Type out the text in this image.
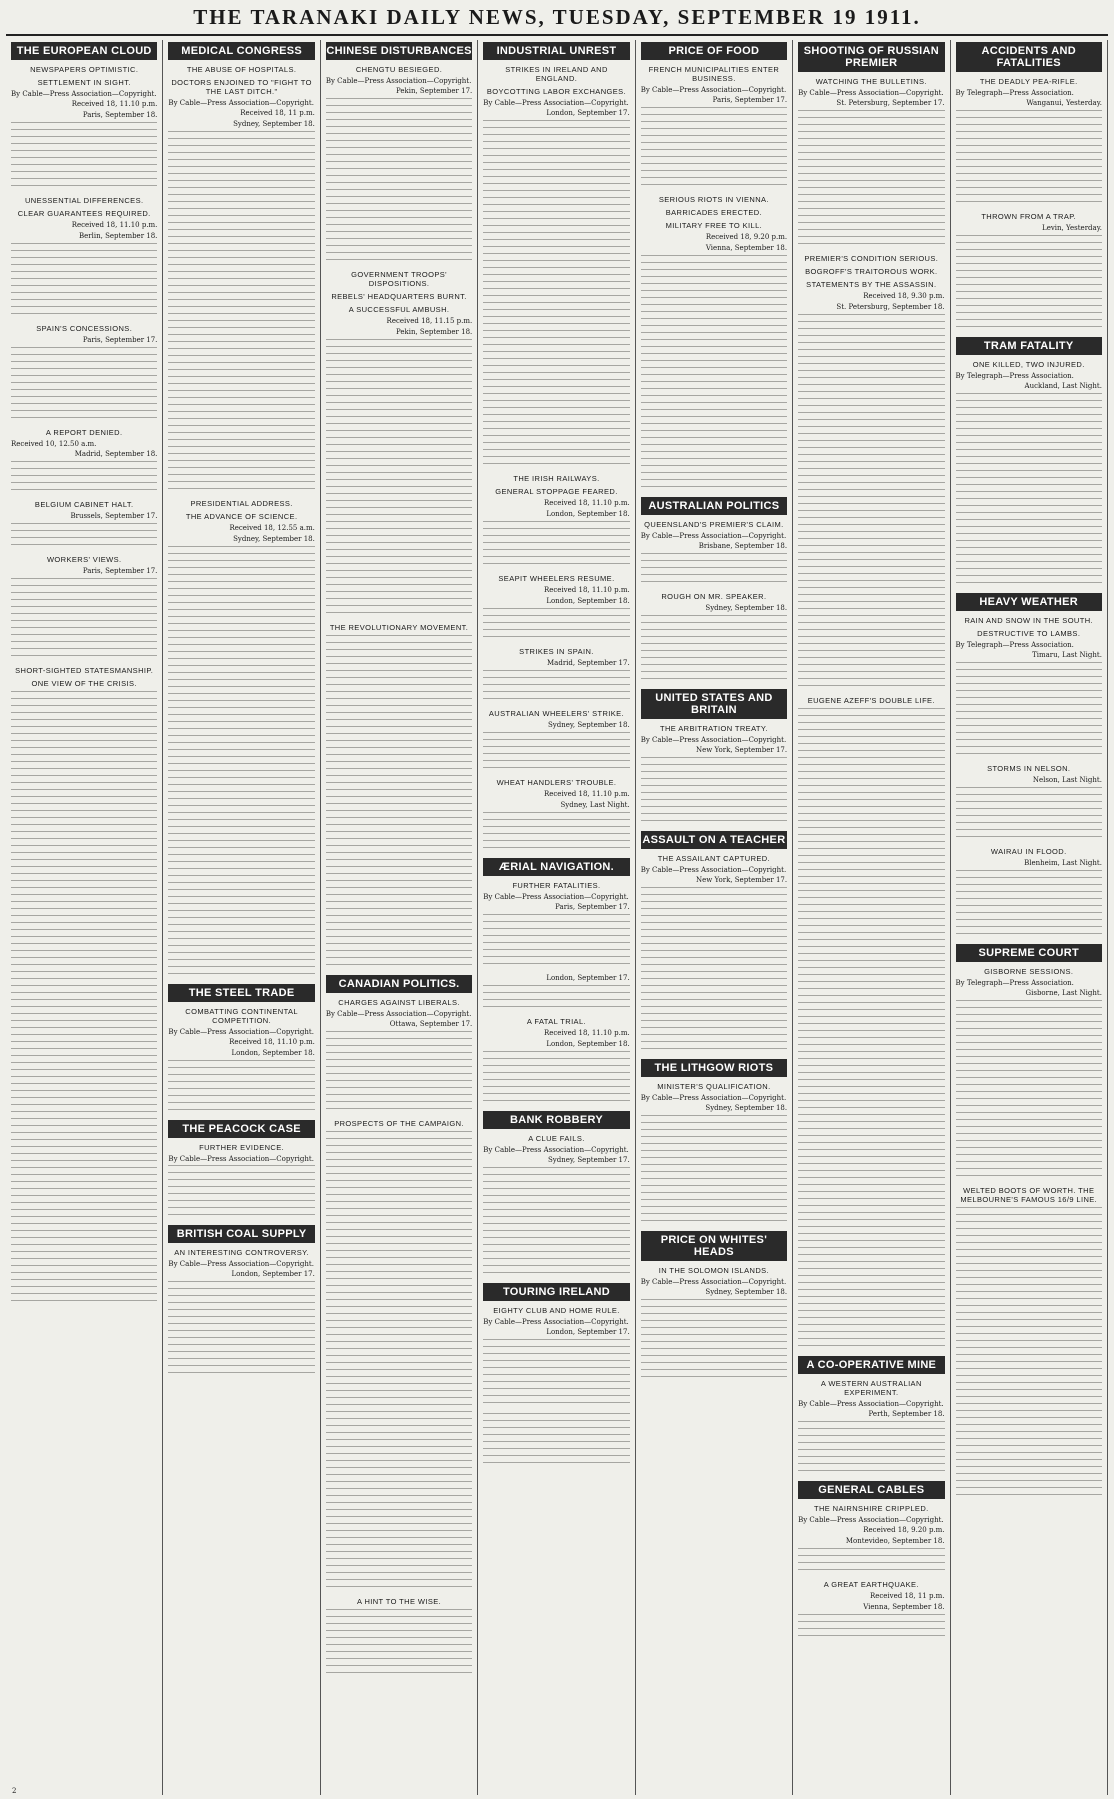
THE TARANAKI DAILY NEWS, TUESDAY, SEPTEMBER 19 1911.
THE EUROPEAN CLOUD
NEWSPAPERS OPTIMISTIC.
SETTLEMENT IN SIGHT.
By Cable—Press Association—Copyright.
Received 18, 11.10 p.m.
Paris, September 18.
UNESSENTIAL DIFFERENCES.
CLEAR GUARANTEES REQUIRED.
Received 18, 11.10 p.m.
Berlin, September 18.
SPAIN'S CONCESSIONS.
Paris, September 17.
A REPORT DENIED.
Received 10, 12.50 a.m.
Madrid, September 18.
BELGIUM CABINET HALT.
Brussels, September 17.
WORKERS' VIEWS.
Paris, September 17.
SHORT-SIGHTED STATESMANSHIP.
ONE VIEW OF THE CRISIS.
MEDICAL CONGRESS
THE ABUSE OF HOSPITALS.
DOCTORS ENJOINED TO "FIGHT TO THE LAST DITCH."
By Cable—Press Association—Copyright.
Received 18, 11 p.m.
Sydney, September 18.
PRESIDENTIAL ADDRESS.
THE ADVANCE OF SCIENCE.
Received 18, 12.55 a.m.
Sydney, September 18.
THE STEEL TRADE
COMBATTING CONTINENTAL COMPETITION.
By Cable—Press Association—Copyright.
Received 18, 11.10 p.m.
London, September 18.
THE PEACOCK CASE
FURTHER EVIDENCE.
By Cable—Press Association—Copyright.
BRITISH COAL SUPPLY
AN INTERESTING CONTROVERSY.
By Cable—Press Association—Copyright.
London, September 17.
CHINESE DISTURBANCES
CHENGTU BESIEGED.
By Cable—Press Association—Copyright.
Pekin, September 17.
GOVERNMENT TROOPS' DISPOSITIONS.
REBELS' HEADQUARTERS BURNT.
A SUCCESSFUL AMBUSH.
Received 18, 11.15 p.m.
Pekin, September 18.
THE REVOLUTIONARY MOVEMENT.
CANADIAN POLITICS.
CHARGES AGAINST LIBERALS.
By Cable—Press Association—Copyright.
Ottawa, September 17.
PROSPECTS OF THE CAMPAIGN.
A HINT TO THE WISE.
INDUSTRIAL UNREST
STRIKES IN IRELAND AND ENGLAND.
BOYCOTTING LABOR EXCHANGES.
By Cable—Press Association—Copyright.
London, September 17.
THE IRISH RAILWAYS.
GENERAL STOPPAGE FEARED.
Received 18, 11.10 p.m.
London, September 18.
SEAPIT WHEELERS RESUME.
Received 18, 11.10 p.m.
London, September 18.
STRIKES IN SPAIN.
Madrid, September 17.
AUSTRALIAN WHEELERS' STRIKE.
Sydney, September 18.
WHEAT HANDLERS' TROUBLE.
Received 18, 11.10 p.m.
Sydney, Last Night.
ÆRIAL NAVIGATION.
FURTHER FATALITIES.
By Cable—Press Association—Copyright.
Paris, September 17.
London, September 17.
A FATAL TRIAL.
Received 18, 11.10 p.m.
London, September 18.
BANK ROBBERY
A CLUE FAILS.
By Cable—Press Association—Copyright.
Sydney, September 17.
TOURING IRELAND
EIGHTY CLUB AND HOME RULE.
By Cable—Press Association—Copyright.
London, September 17.
PRICE OF FOOD
FRENCH MUNICIPALITIES ENTER BUSINESS.
By Cable—Press Association—Copyright.
Paris, September 17.
SERIOUS RIOTS IN VIENNA.
BARRICADES ERECTED.
MILITARY FREE TO KILL.
Received 18, 9.20 p.m.
Vienna, September 18.
AUSTRALIAN POLITICS
QUEENSLAND'S PREMIER'S CLAIM.
By Cable—Press Association—Copyright.
Brisbane, September 18.
ROUGH ON MR. SPEAKER.
Sydney, September 18.
UNITED STATES AND BRITAIN
THE ARBITRATION TREATY.
By Cable—Press Association—Copyright.
New York, September 17.
ASSAULT ON A TEACHER
THE ASSAILANT CAPTURED.
By Cable—Press Association—Copyright.
New York, September 17.
THE LITHGOW RIOTS
MINISTER'S QUALIFICATION.
By Cable—Press Association—Copyright.
Sydney, September 18.
PRICE ON WHITES' HEADS
IN THE SOLOMON ISLANDS.
By Cable—Press Association—Copyright.
Sydney, September 18.
SHOOTING OF RUSSIAN PREMIER
WATCHING THE BULLETINS.
By Cable—Press Association—Copyright.
St. Petersburg, September 17.
PREMIER'S CONDITION SERIOUS.
BOGROFF'S TRAITOROUS WORK.
STATEMENTS BY THE ASSASSIN.
Received 18, 9.30 p.m.
St. Petersburg, September 18.
EUGENE AZEFF'S DOUBLE LIFE.
A CO-OPERATIVE MINE
A WESTERN AUSTRALIAN EXPERIMENT.
By Cable—Press Association—Copyright.
Perth, September 18.
GENERAL CABLES
THE NAIRNSHIRE CRIPPLED.
By Cable—Press Association—Copyright.
Received 18, 9.20 p.m.
Montevideo, September 18.
A GREAT EARTHQUAKE.
Received 18, 11 p.m.
Vienna, September 18.
ACCIDENTS AND FATALITIES
THE DEADLY PEA-RIFLE.
By Telegraph—Press Association.
Wanganui, Yesterday.
THROWN FROM A TRAP.
Levin, Yesterday.
TRAM FATALITY
ONE KILLED, TWO INJURED.
By Telegraph—Press Association.
Auckland, Last Night.
HEAVY WEATHER
RAIN AND SNOW IN THE SOUTH.
DESTRUCTIVE TO LAMBS.
By Telegraph—Press Association.
Timaru, Last Night.
STORMS IN NELSON.
Nelson, Last Night.
WAIRAU IN FLOOD.
Blenheim, Last Night.
SUPREME COURT
GISBORNE SESSIONS.
By Telegraph—Press Association.
Gisborne, Last Night.
WELTED BOOTS OF WORTH. THE MELBOURNE'S FAMOUS 16/9 LINE.
2
